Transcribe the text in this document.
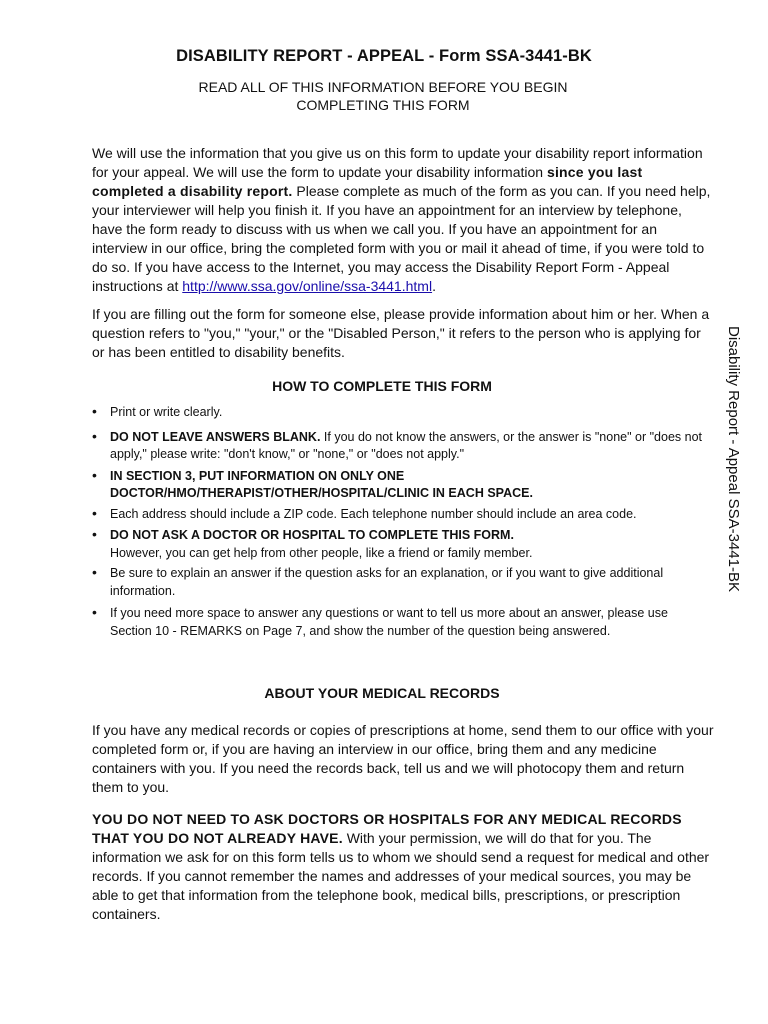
DISABILITY REPORT - APPEAL - Form SSA-3441-BK
READ ALL OF THIS INFORMATION BEFORE YOU BEGIN
COMPLETING THIS FORM

We will use the information that you give us on this form to update your disability report information for your appeal. We will use the form to update your disability information since you last completed a disability report. Please complete as much of the form as you can. If you need help, your interviewer will help you finish it. If you have an appointment for an interview by telephone, have the form ready to discuss with us when we call you. If you have an appointment for an interview in our office, bring the completed form with you or mail it ahead of time, if you were told to do so. If you have access to the Internet, you may access the Disability Report Form - Appeal instructions at http://www.ssa.gov/online/ssa-3441.html.

If you are filling out the form for someone else, please provide information about him or her. When a question refers to "you," "your," or the "Disabled Person," it refers to the person who is applying for or has been entitled to disability benefits.

HOW TO COMPLETE THIS FORM
• Print or write clearly.
• DO NOT LEAVE ANSWERS BLANK. If you do not know the answers, or the answer is "none" or "does not apply," please write: "don't know," or "none," or "does not apply."
• IN SECTION 3, PUT INFORMATION ON ONLY ONE DOCTOR/HMO/THERAPIST/OTHER/HOSPITAL/CLINIC IN EACH SPACE.
• Each address should include a ZIP code. Each telephone number should include an area code.
• DO NOT ASK A DOCTOR OR HOSPITAL TO COMPLETE THIS FORM.
However, you can get help from other people, like a friend or family member.
• Be sure to explain an answer if the question asks for an explanation, or if you want to give additional information.
• If you need more space to answer any questions or want to tell us more about an answer, please use Section 10 - REMARKS on Page 7, and show the number of the question being answered.
ABOUT YOUR MEDICAL RECORDS

If you have any medical records or copies of prescriptions at home, send them to our office with your completed form or, if you are having an interview in our office, bring them and any medicine containers with you. If you need the records back, tell us and we will photocopy them and return them to you.

YOU DO NOT NEED TO ASK DOCTORS OR HOSPITALS FOR ANY MEDICAL RECORDS THAT YOU DO NOT ALREADY HAVE. With your permission, we will do that for you. The information we ask for on this form tells us to whom we should send a request for medical and other records. If you cannot remember the names and addresses of your medical sources, you may be able to get that information from the telephone book, medical bills, prescriptions, or prescription containers.

Disability Report - Appeal SSA-3441-BK
